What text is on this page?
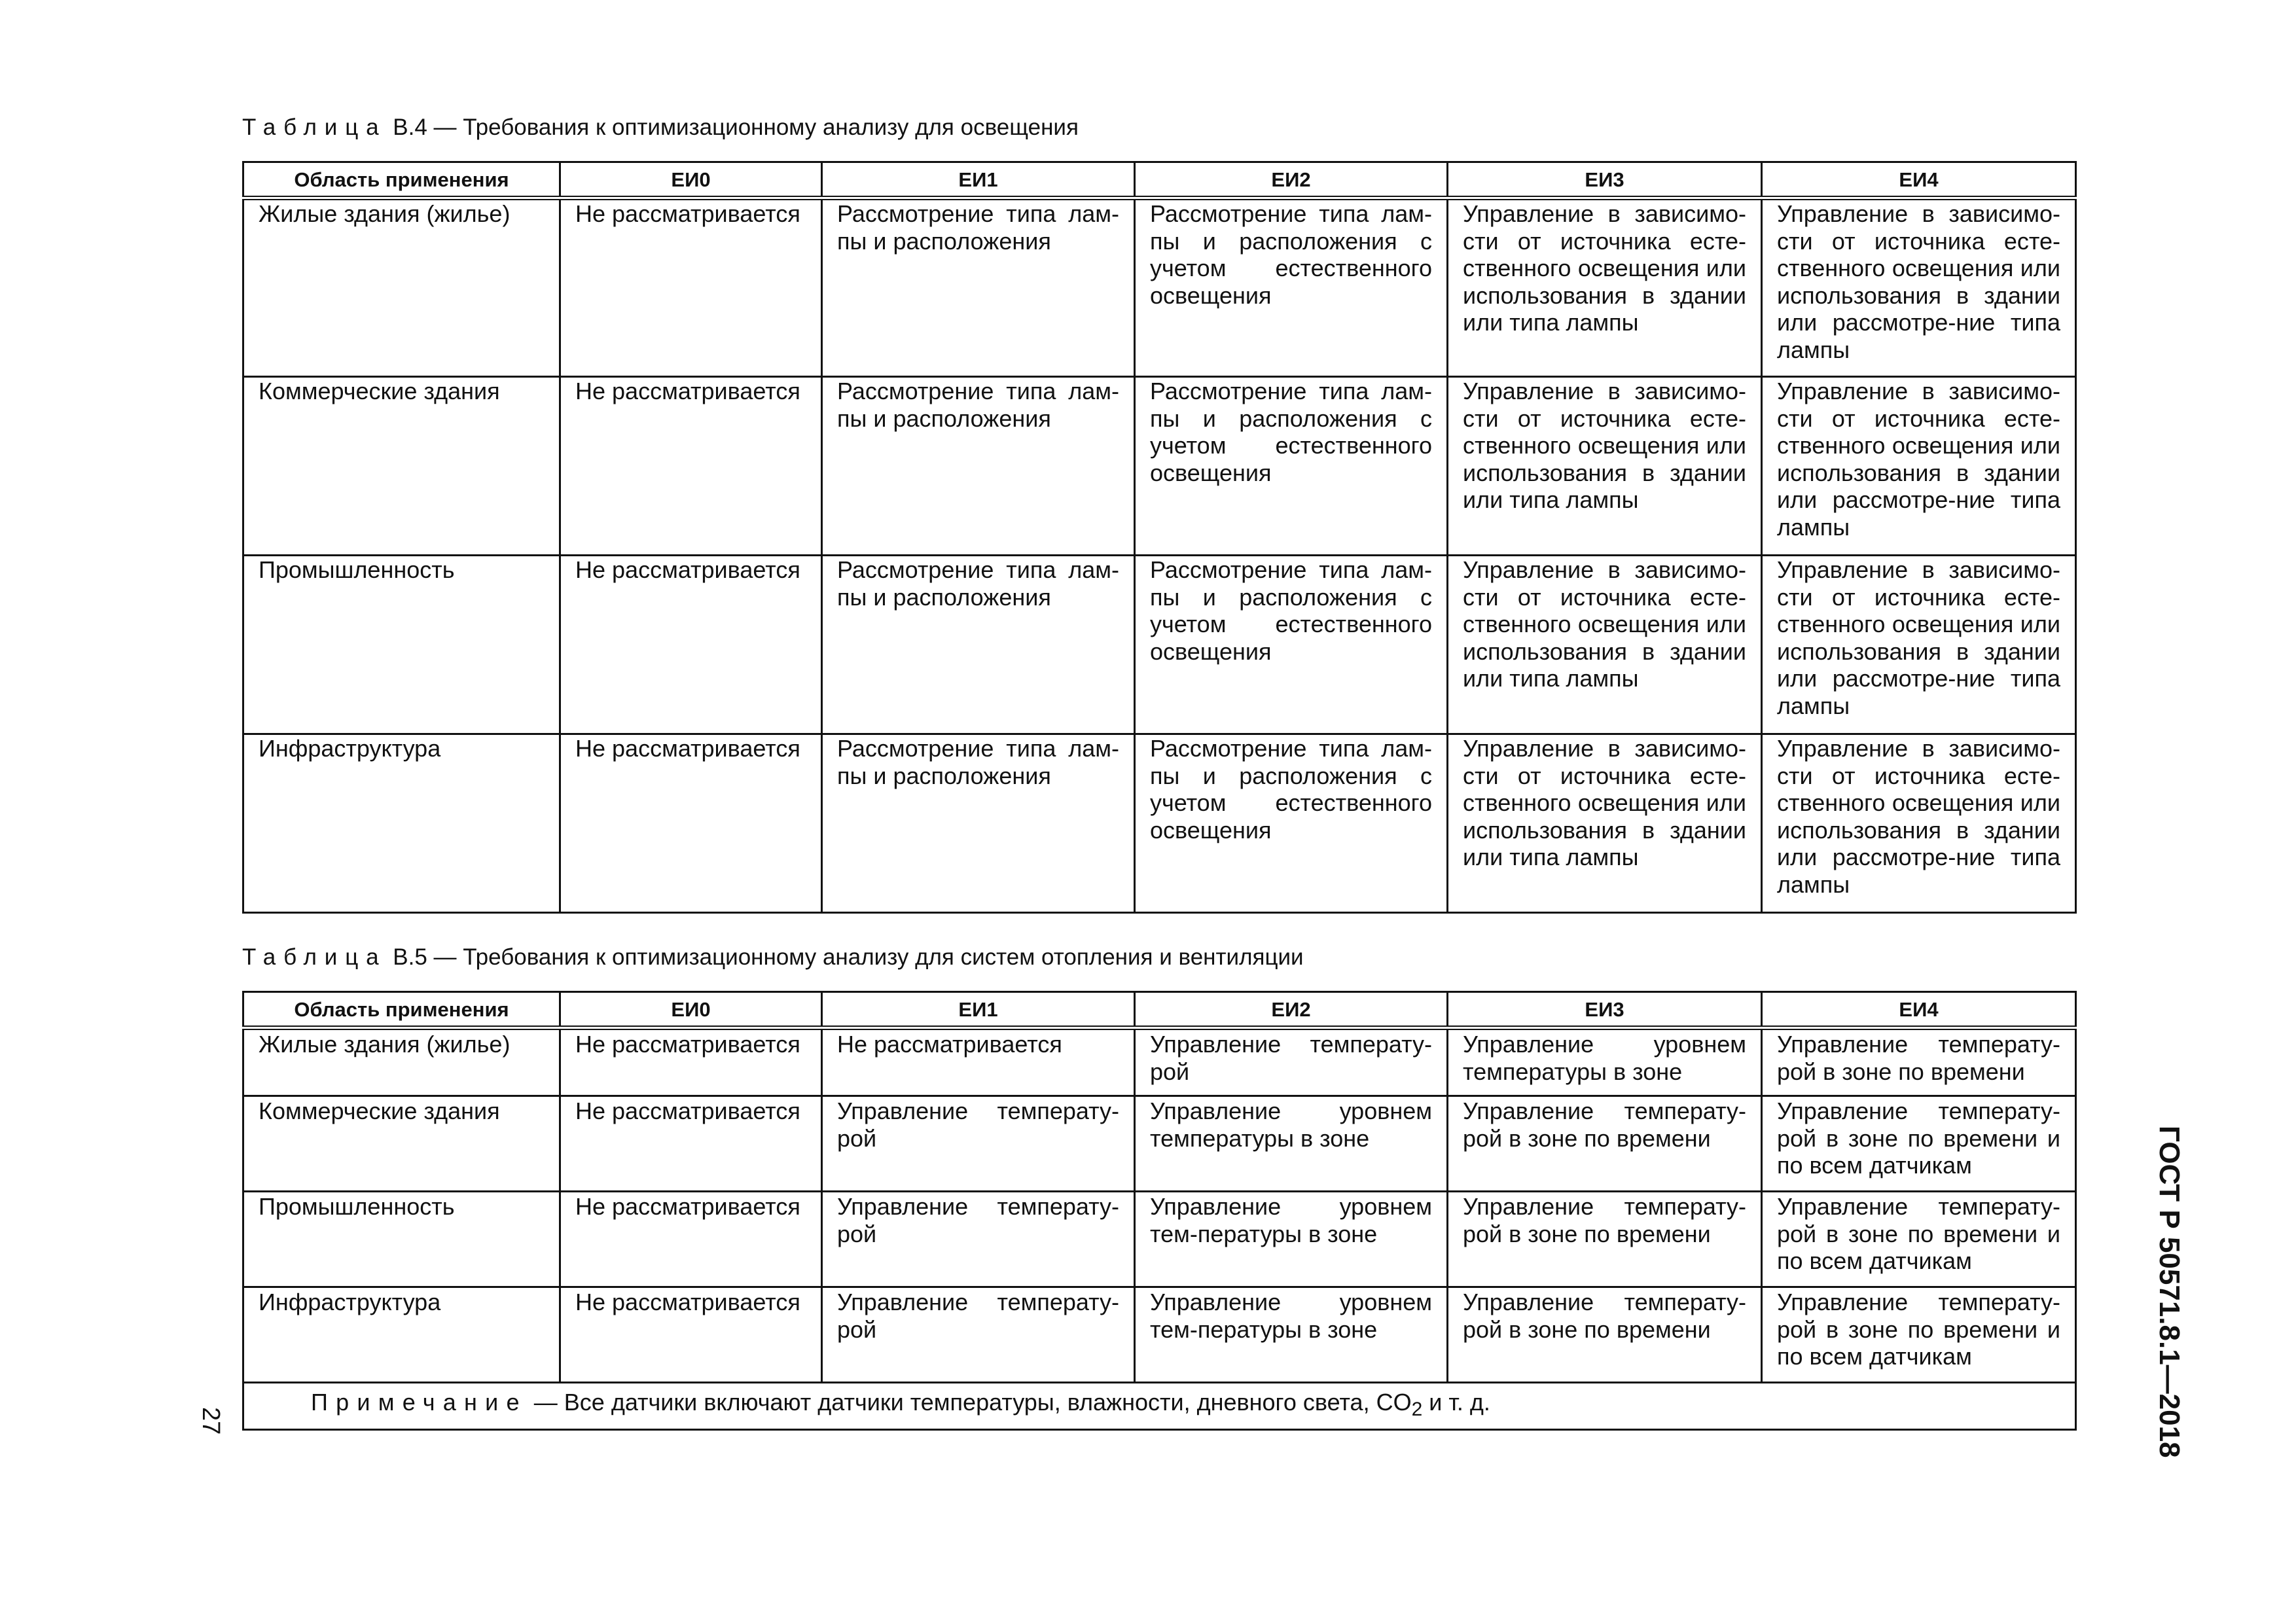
Таблица В.4 — Требования к оптимизационному анализу для освещения
Область применения	ЕИ0	ЕИ1	ЕИ2	ЕИ3	ЕИ4
Жилые здания (жилье)	Не рассматривается	Рассмотрение типа лам-пы и расположения	Рассмотрение типа лам-пы и расположения с учетом естественного освещения	Управление в зависимо-сти от источника есте-ственного освещения или использования в здании или типа лампы	Управление в зависимо-сти от источника есте-ственного освещения или использования в здании или рассмотре-ние типа лампы
Коммерческие здания	Не рассматривается	Рассмотрение типа лам-пы и расположения	Рассмотрение типа лам-пы и расположения с учетом естественного освещения	Управление в зависимо-сти от источника есте-ственного освещения или использования в здании или типа лампы	Управление в зависимо-сти от источника есте-ственного освещения или использования в здании или рассмотре-ние типа лампы
Промышленность	Не рассматривается	Рассмотрение типа лам-пы и расположения	Рассмотрение типа лам-пы и расположения с учетом естественного освещения	Управление в зависимо-сти от источника есте-ственного освещения или использования в здании или типа лампы	Управление в зависимо-сти от источника есте-ственного освещения или использования в здании или рассмотре-ние типа лампы
Инфраструктура	Не рассматривается	Рассмотрение типа лам-пы и расположения	Рассмотрение типа лам-пы и расположения с учетом естественного освещения	Управление в зависимо-сти от источника есте-ственного освещения или использования в здании или типа лампы	Управление в зависимо-сти от источника есте-ственного освещения или использования в здании или рассмотре-ние типа лампы
Таблица В.5 — Требования к оптимизационному анализу для систем отопления и вентиляции
Область применения	ЕИ0	ЕИ1	ЕИ2	ЕИ3	ЕИ4
Жилые здания (жилье)	Не рассматривается	Не рассматривается	Управление температу-рой	Управление уровнем температуры в зоне	Управление температу-рой в зоне по времени
Коммерческие здания	Не рассматривается	Управление температу-рой	Управление уровнем температуры в зоне	Управление температу-рой в зоне по времени	Управление температу-рой в зоне по времени и по всем датчикам
Промышленность	Не рассматривается	Управление температу-рой	Управление уровнем тем-пературы в зоне	Управление температу-рой в зоне по времени	Управление температу-рой в зоне по времени и по всем датчикам
Инфраструктура	Не рассматривается	Управление температу-рой	Управление уровнем тем-пературы в зоне	Управление температу-рой в зоне по времени	Управление температу-рой в зоне по времени и по всем датчикам
Примечание — Все датчики включают датчики температуры, влажности, дневного света, $CO_2$ и т. д.						ГОСТ Р 50571.8.1—2018
27
